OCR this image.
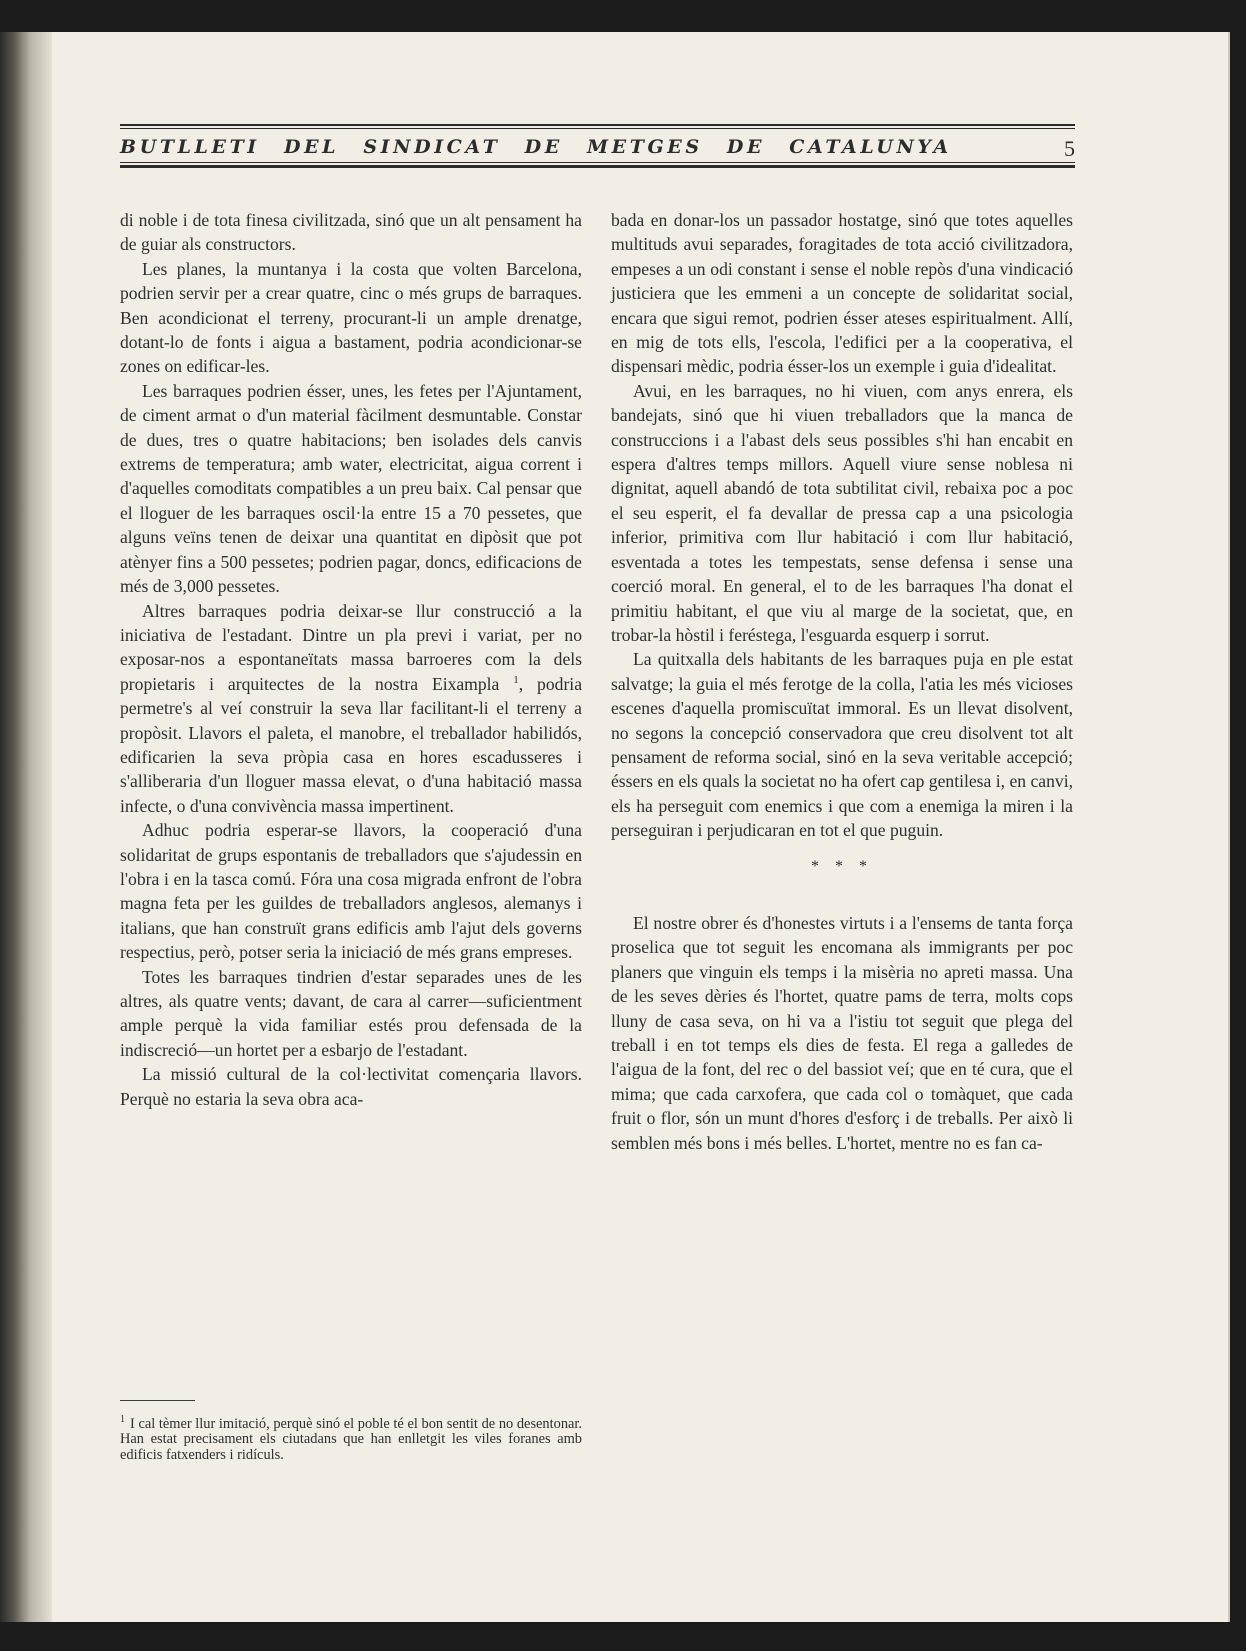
BUTLLETI DEL SINDICAT DE METGES DE CATALUNYA	5

di noble i de tota finesa civilitzada, sinó que un alt pensament ha de guiar als constructors.

Les planes, la muntanya i la costa que volten Barcelona, podrien servir per a crear quatre, cinc o més grups de barraques. Ben acondicionat el terreny, procurant-li un ample drenatge, dotant-lo de fonts i aigua a bastament, podria acondicionar-se zones on edificar-les.

Les barraques podrien ésser, unes, les fetes per l'Ajuntament, de ciment armat o d'un material fàcilment desmuntable. Constar de dues, tres o quatre habitacions; ben isolades dels canvis extrems de temperatura; amb water, electricitat, aigua corrent i d'aquelles comoditats compatibles a un preu baix. Cal pensar que el lloguer de les barraques oscil·la entre 15 a 70 pessetes, que alguns veïns tenen de deixar una quantitat en dipòsit que pot atènyer fins a 500 pessetes; podrien pagar, doncs, edificacions de més de 3,000 pessetes.

Altres barraques podria deixar-se llur construcció a la iniciativa de l'estadant. Dintre un pla previ i variat, per no exposar-nos a espontaneïtats massa barroeres com la dels propietaris i arquitectes de la nostra Eixampla $^1$, podria permetre's al veí construir la seva llar facilitant-li el terreny a propòsit. Llavors el paleta, el manobre, el treballador habilidós, edificarien la seva pròpia casa en hores escadusseres i s'alliberaria d'un lloguer massa elevat, o d'una habitació massa infecte, o d'una convivència massa impertinent.

Adhuc podria esperar-se llavors, la cooperació d'una solidaritat de grups espontanis de treballadors que s'ajudessin en l'obra i en la tasca comú. Fóra una cosa migrada enfront de l'obra magna feta per les guildes de treballadors anglesos, alemanys i italians, que han construït grans edificis amb l'ajut dels governs respectius, però, potser seria la iniciació de més grans empreses.

Totes les barraques tindrien d'estar separades unes de les altres, als quatre vents; davant, de cara al carrer—suficientment ample perquè la vida familiar estés prou defensada de la indiscreció—un hortet per a esbarjo de l'estadant.

La missió cultural de la col·lectivitat començaria llavors. Perquè no estaria la seva obra aca-

$^1$ I cal tèmer llur imitació, perquè sinó el poble té el bon sentit de no desentonar. Han estat precisament els ciutadans que han enlletgit les viles foranes amb edificis fatxenders i ridículs.

bada en donar-los un passador hostatge, sinó que totes aquelles multituds avui separades, foragitades de tota acció civilitzadora, empeses a un odi constant i sense el noble repòs d'una vindicació justiciera que les emmeni a un concepte de solidaritat social, encara que sigui remot, podrien ésser ateses espiritualment. Allí, en mig de tots ells, l'escola, l'edifici per a la cooperativa, el dispensari mèdic, podria ésser-los un exemple i guia d'idealitat.

Avui, en les barraques, no hi viuen, com anys enrera, els bandejats, sinó que hi viuen treballadors que la manca de construccions i a l'abast dels seus possibles s'hi han encabit en espera d'altres temps millors. Aquell viure sense noblesa ni dignitat, aquell abandó de tota subtilitat civil, rebaixa poc a poc el seu esperit, el fa devallar de pressa cap a una psicologia inferior, primitiva com llur habitació i com llur habitació, esventada a totes les tempestats, sense defensa i sense una coerció moral. En general, el to de les barraques l'ha donat el primitiu habitant, el que viu al marge de la societat, que, en trobar-la hòstil i feréstega, l'esguarda esquerp i sorrut.

La quitxalla dels habitants de les barraques puja en ple estat salvatge; la guia el més ferotge de la colla, l'atia les més vicioses escenes d'aquella promiscuïtat immoral. Es un llevat disolvent, no segons la concepció conservadora que creu disolvent tot alt pensament de reforma social, sinó en la seva veritable accepció; éssers en els quals la societat no ha ofert cap gentilesa i, en canvi, els ha perseguit com enemics i que com a enemiga la miren i la perseguiran i perjudicaran en tot el que puguin.

* * *

El nostre obrer és d'honestes virtuts i a l'ensems de tanta força proselica que tot seguit les encomana als immigrants per poc planers que vinguin els temps i la misèria no apreti massa. Una de les seves dèries és l'hortet, quatre pams de terra, molts cops lluny de casa seva, on hi va a l'istiu tot seguit que plega del treball i en tot temps els dies de festa. El rega a galledes de l'aigua de la font, del rec o del bassiot veí; que en té cura, que el mima; que cada carxofera, que cada col o tomàquet, que cada fruit o flor, són un munt d'hores d'esforç i de treballs. Per això li semblen més bons i més belles. L'hortet, mentre no es fan ca-
